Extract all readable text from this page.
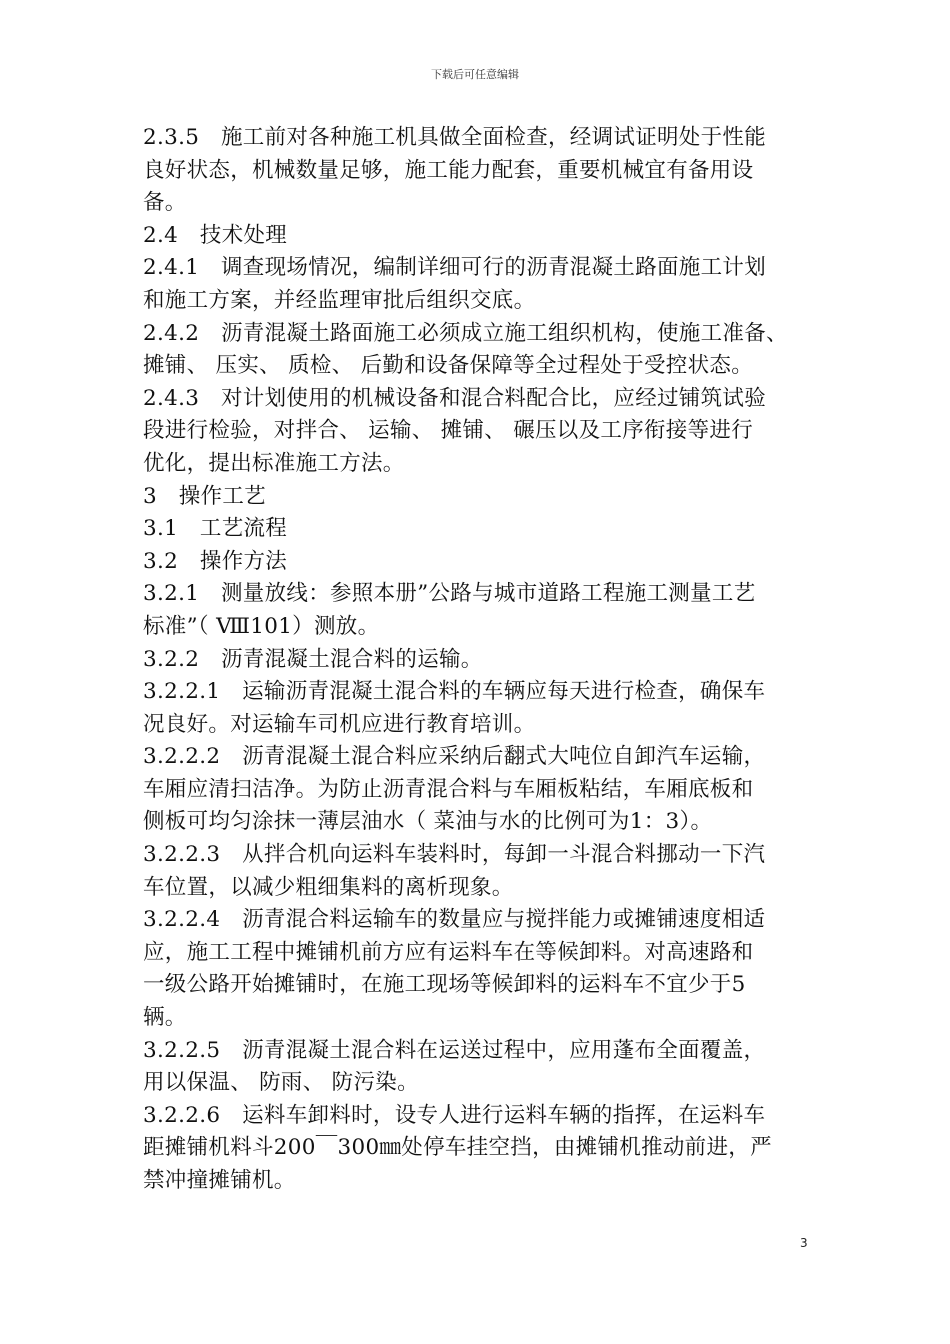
下载后可任意编辑
2.3.5　施工前对各种施工机具做全面检查，经调试证明处于性能
良好状态，机械数量足够，施工能力配套，重要机械宜有备用设
备。
2.4　技术处理
2.4.1　调查现场情况，编制详细可行的沥青混凝土路面施工计划
和施工方案，并经监理审批后组织交底。
2.4.2　沥青混凝土路面施工必须成立施工组织机构，使施工准备、
摊铺、 压实、 质检、 后勤和设备保障等全过程处于受控状态。
2.4.3　对计划使用的机械设备和混合料配合比，应经过铺筑试验
段进行检验，对拌合、 运输、 摊铺、 碾压以及工序衔接等进行
优化，提出标准施工方法。
3　操作工艺
3.1　工艺流程
3.2　操作方法
3.2.1　测量放线：参照本册”公路与城市道路工程施工测量工艺
标准”（ Ⅷ101）测放。
3.2.2　沥青混凝土混合料的运输。
3.2.2.1　运输沥青混凝土混合料的车辆应每天进行检查，确保车
况良好。对运输车司机应进行教育培训。
3.2.2.2　沥青混凝土混合料应采纳后翻式大吨位自卸汽车运输，
车厢应清扫洁净。为防止沥青混合料与车厢板粘结，车厢底板和
侧板可均匀涂抹一薄层油水（ 菜油与水的比例可为1：3）。
3.2.2.3　从拌合机向运料车装料时，每卸一斗混合料挪动一下汽
车位置，以减少粗细集料的离析现象。
3.2.2.4　沥青混合料运输车的数量应与搅拌能力或摊铺速度相适
应，施工工程中摊铺机前方应有运料车在等候卸料。对高速路和
一级公路开始摊铺时，在施工现场等候卸料的运料车不宜少于5
辆。
3.2.2.5　沥青混凝土混合料在运送过程中，应用蓬布全面覆盖，
用以保温、 防雨、 防污染。
3.2.2.6　运料车卸料时，设专人进行运料车辆的指挥，在运料车
距摊铺机料斗200￣300㎜处停车挂空挡，由摊铺机推动前进，严
禁冲撞摊铺机。
3
